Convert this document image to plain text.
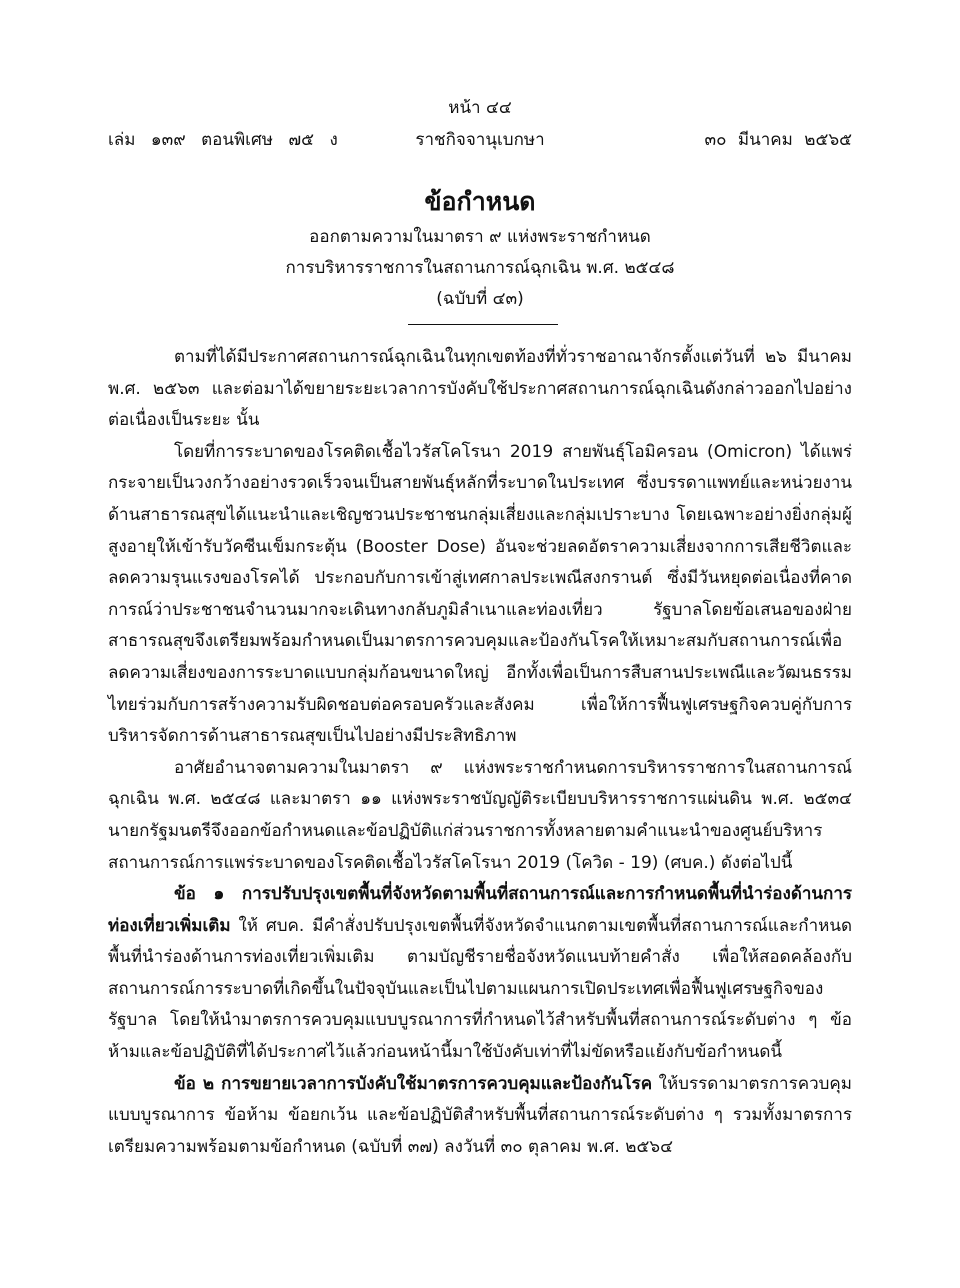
หน้า ๔๔
ราชกิจจานุเบกษา
เล่ม ๑๓๙ ตอนพิเศษ ๗๕ ง	๓๐ มีนาคม ๒๕๖๕

ข้อกำหนด

ออกตามความในมาตรา ๙ แห่งพระราชกำหนด

การบริหารราชการในสถานการณ์ฉุกเฉิน พ.ศ. ๒๕๔๘

(ฉบับที่ ๔๓)

ตามที่ได้มีประกาศสถานการณ์ฉุกเฉินในทุกเขตท้องที่ทั่วราชอาณาจักรตั้งแต่วันที่ ๒๖ มีนาคม พ.ศ. ๒๕๖๓ และต่อมาได้ขยายระยะเวลาการบังคับใช้ประกาศสถานการณ์ฉุกเฉินดังกล่าวออกไปอย่างต่อเนื่องเป็นระยะ นั้น

โดยที่การระบาดของโรคติดเชื้อไวรัสโคโรนา 2019 สายพันธุ์โอมิครอน (Omicron) ได้แพร่กระจายเป็นวงกว้างอย่างรวดเร็วจนเป็นสายพันธุ์หลักที่ระบาดในประเทศ ซึ่งบรรดาแพทย์และหน่วยงานด้านสาธารณสุขได้แนะนำและเชิญชวนประชาชนกลุ่มเสี่ยงและกลุ่มเปราะบาง โดยเฉพาะอย่างยิ่งกลุ่มผู้สูงอายุให้เข้ารับวัคซีนเข็มกระตุ้น (Booster Dose) อันจะช่วยลดอัตราความเสี่ยงจากการเสียชีวิตและลดความรุนแรงของโรคได้ ประกอบกับการเข้าสู่เทศกาลประเพณีสงกรานต์ ซึ่งมีวันหยุดต่อเนื่องที่คาดการณ์ว่าประชาชนจำนวนมากจะเดินทางกลับภูมิลำเนาและท่องเที่ยว รัฐบาลโดยข้อเสนอของฝ่ายสาธารณสุขจึงเตรียมพร้อมกำหนดเป็นมาตรการควบคุมและป้องกันโรคให้เหมาะสมกับสถานการณ์เพื่อลดความเสี่ยงของการระบาดแบบกลุ่มก้อนขนาดใหญ่ อีกทั้งเพื่อเป็นการสืบสานประเพณีและวัฒนธรรมไทยร่วมกับการสร้างความรับผิดชอบต่อครอบครัวและสังคม เพื่อให้การฟื้นฟูเศรษฐกิจควบคู่กับการบริหารจัดการด้านสาธารณสุขเป็นไปอย่างมีประสิทธิภาพ

อาศัยอำนาจตามความในมาตรา ๙ แห่งพระราชกำหนดการบริหารราชการในสถานการณ์ฉุกเฉิน พ.ศ. ๒๕๔๘ และมาตรา ๑๑ แห่งพระราชบัญญัติระเบียบบริหารราชการแผ่นดิน พ.ศ. ๒๕๓๔ นายกรัฐมนตรีจึงออกข้อกำหนดและข้อปฏิบัติแก่ส่วนราชการทั้งหลายตามคำแนะนำของศูนย์บริหารสถานการณ์การแพร่ระบาดของโรคติดเชื้อไวรัสโคโรนา 2019 (โควิด - 19) (ศบค.) ดังต่อไปนี้

ข้อ ๑ การปรับปรุงเขตพื้นที่จังหวัดตามพื้นที่สถานการณ์และการกำหนดพื้นที่นำร่องด้านการท่องเที่ยวเพิ่มเติม ให้ ศบค. มีคำสั่งปรับปรุงเขตพื้นที่จังหวัดจำแนกตามเขตพื้นที่สถานการณ์และกำหนดพื้นที่นำร่องด้านการท่องเที่ยวเพิ่มเติม ตามบัญชีรายชื่อจังหวัดแนบท้ายคำสั่ง เพื่อให้สอดคล้องกับสถานการณ์การระบาดที่เกิดขึ้นในปัจจุบันและเป็นไปตามแผนการเปิดประเทศเพื่อฟื้นฟูเศรษฐกิจของรัฐบาล โดยให้นำมาตรการควบคุมแบบบูรณาการที่กำหนดไว้สำหรับพื้นที่สถานการณ์ระดับต่าง ๆ ข้อห้ามและข้อปฏิบัติที่ได้ประกาศไว้แล้วก่อนหน้านี้มาใช้บังคับเท่าที่ไม่ขัดหรือแย้งกับข้อกำหนดนี้

ข้อ ๒ การขยายเวลาการบังคับใช้มาตรการควบคุมและป้องกันโรค ให้บรรดามาตรการควบคุมแบบบูรณาการ ข้อห้าม ข้อยกเว้น และข้อปฏิบัติสำหรับพื้นที่สถานการณ์ระดับต่าง ๆ รวมทั้งมาตรการเตรียมความพร้อมตามข้อกำหนด (ฉบับที่ ๓๗) ลงวันที่ ๓๐ ตุลาคม พ.ศ. ๒๕๖๔
